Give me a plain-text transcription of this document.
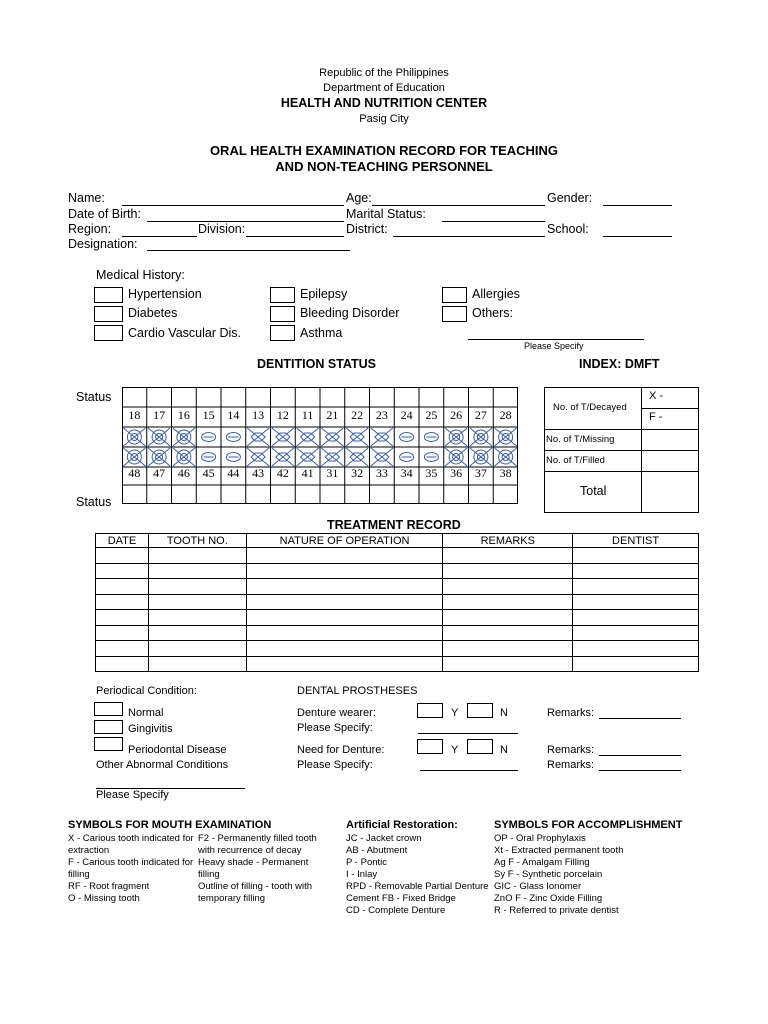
Republic of the Philippines
Department of Education
HEALTH AND NUTRITION CENTER
Pasig City
ORAL HEALTH EXAMINATION RECORD FOR TEACHING
AND NON-TEACHING PERSONNEL
Name:	Age:	Gender:
Date of Birth:	Marital Status:
Region:	Division:	District:	School:
Designation:
Medical History:
Hypertension	Epilepsy	Allergies
Diabetes	Bleeding Disorder	Others:
Cardio Vascular Dis.	Asthma
Please Specify
DENTITION STATUS	INDEX: DMFT
Status
Status
18 17 16 15 14 13 12 11 21 22 23 24 25 26 27 28
48 47 46 45 44 43 42 41 31 32 33 34 35 36 37 38
No. of T/Decayed
X -
F -
No. of T/Missing
No. of T/Filled
Total
TREATMENT RECORD
DATE	TOOTH NO.	NATURE OF OPERATION	REMARKS	DENTIST

Periodical Condition:
Normal
Gingivitis
Periodontal Disease
Other Abnormal Conditions
Please Specify
DENTAL PROSTHESES
Denture wearer:	Y	N	Remarks:
Please Specify:
Need for Denture:	Y	N	Remarks:
Please Specify:	Remarks:
SYMBOLS FOR MOUTH EXAMINATION
X - Carious tooth indicated for
extraction
F - Carious tooth indicated for
filling
RF - Root fragment
O - Missing tooth
F2 - Permanently filled tooth
with recurrence of decay
Heavy shade - Permanent
filling
Outline of filling - tooth with
temporary filling
Artificial Restoration:
JC - Jacket crown
AB - Abutment
P - Pontic
I - Inlay
RPD - Removable Partial Denture
Cement FB - Fixed Bridge
CD - Complete Denture
SYMBOLS FOR ACCOMPLISHMENT
OP - Oral Prophylaxis
Xt - Extracted permanent tooth
Ag F - Amalgam Filling
Sy F - Synthetic porcelain
GIC - Glass Ionomer
ZnO F - Zinc Oxide Filling
R - Referred to private dentist
